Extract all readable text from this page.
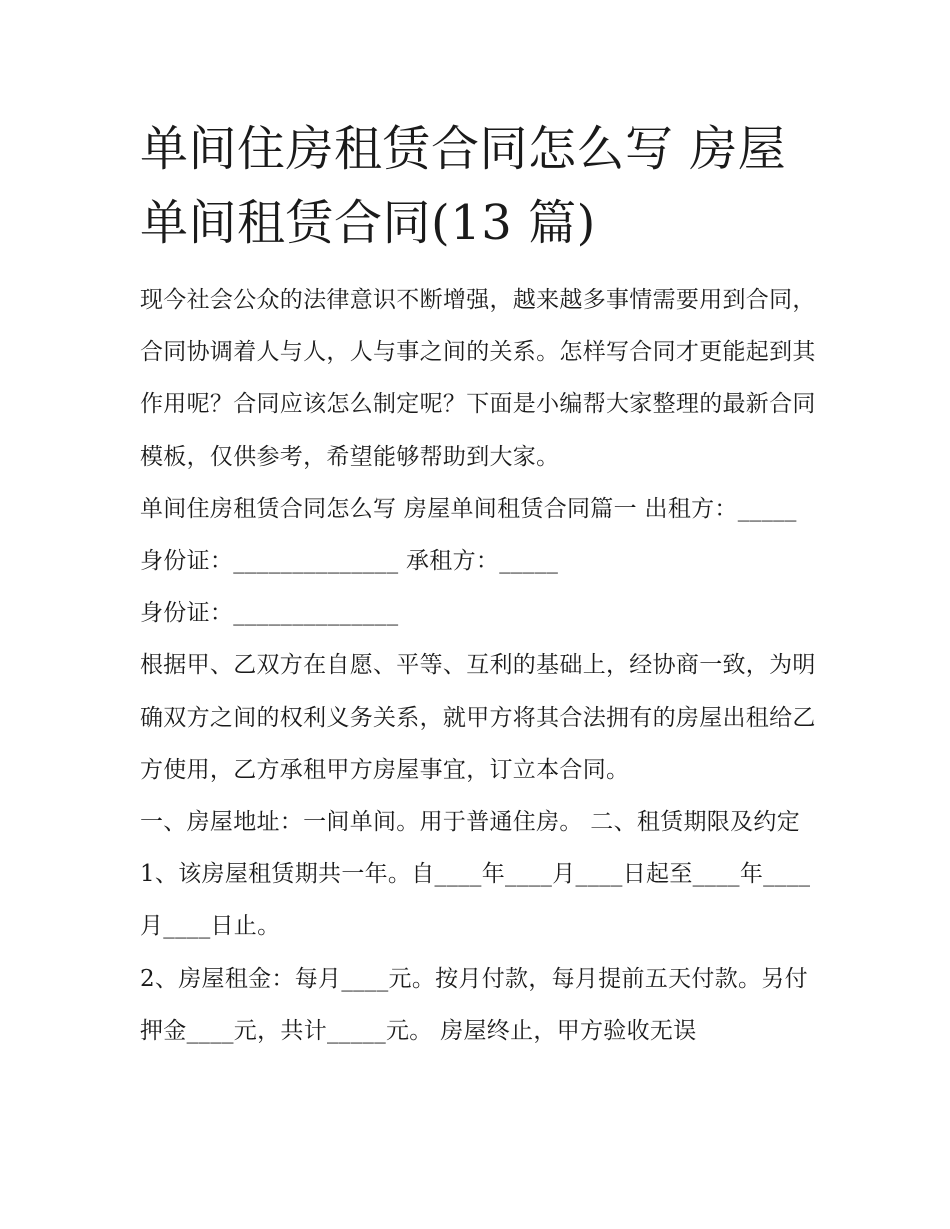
单间住房租赁合同怎么写 房屋单间租赁合同(13 篇)

现今社会公众的法律意识不断增强，越来越多事情需要用到合同，合同协调着人与人，人与事之间的关系。怎样写合同才更能起到其作用呢？合同应该怎么制定呢？下面是小编帮大家整理的最新合同模板，仅供参考，希望能够帮助到大家。

单间住房租赁合同怎么写 房屋单间租赁合同篇一 出租方：_____ 身份证：______________ 承租方：_____

身份证：______________

根据甲、乙双方在自愿、平等、互利的基础上，经协商一致，为明确双方之间的权利义务关系，就甲方将其合法拥有的房屋出租给乙方使用，乙方承租甲方房屋事宜，订立本合同。

一、房屋地址：一间单间。用于普通住房。 二、租赁期限及约定

1、该房屋租赁期共一年。自____年____月____日起至____年____月____日止。

2、房屋租金：每月____元。按月付款，每月提前五天付款。另付押金____元，共计_____元。 房屋终止，甲方验收无误
